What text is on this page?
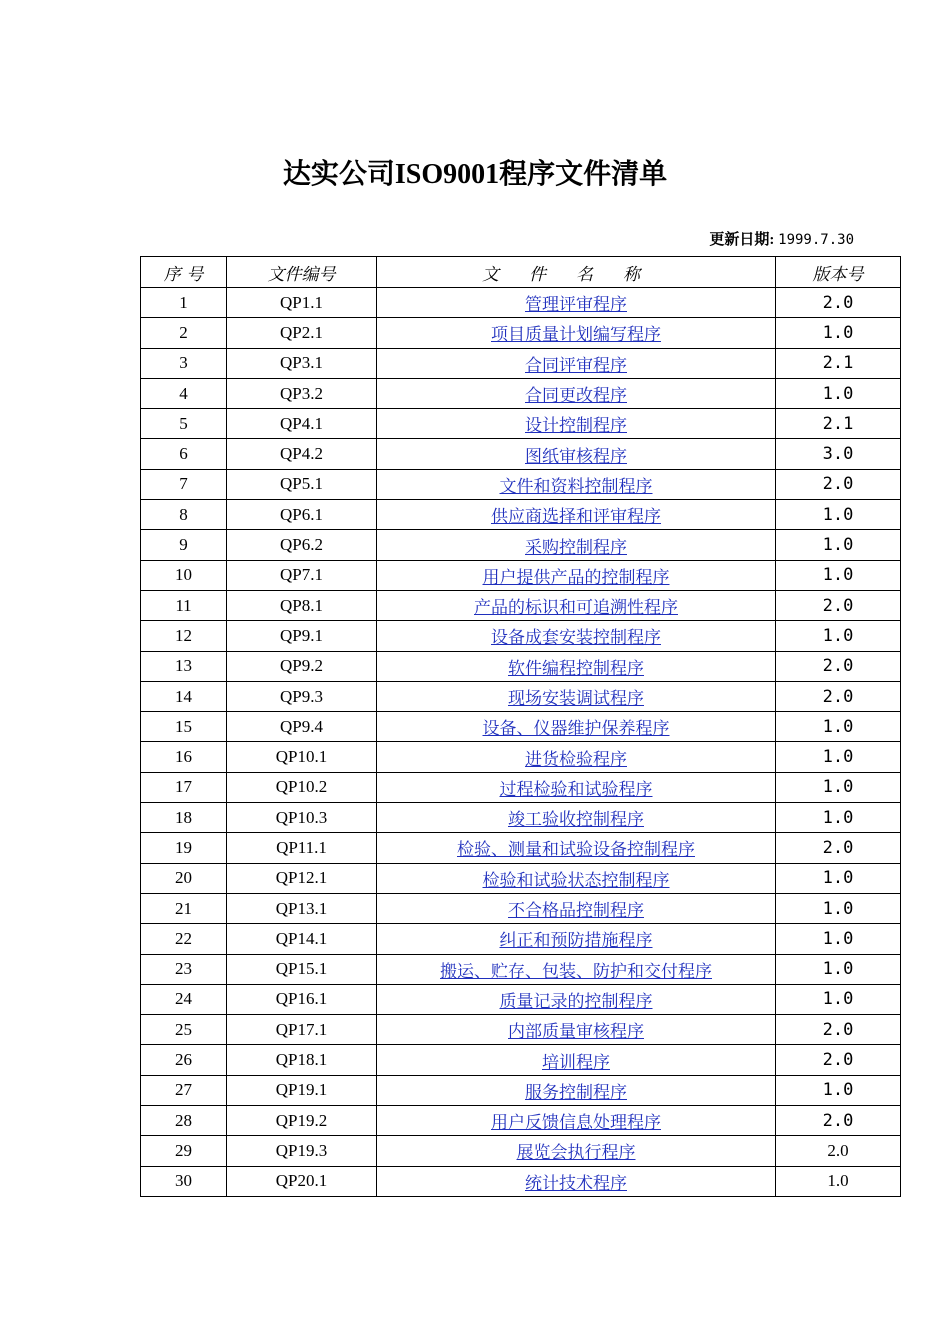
达实公司ISO9001程序文件清单
更新日期: 1999.7.30
序 号	文件编号	文件名称	版本号
1	QP1.1	管理评审程序	2.0
2	QP2.1	项目质量计划编写程序	1.0
3	QP3.1	合同评审程序	2.1
4	QP3.2	合同更改程序	1.0
5	QP4.1	设计控制程序	2.1
6	QP4.2	图纸审核程序	3.0
7	QP5.1	文件和资料控制程序	2.0
8	QP6.1	供应商选择和评审程序	1.0
9	QP6.2	采购控制程序	1.0
10	QP7.1	用户提供产品的控制程序	1.0
11	QP8.1	产品的标识和可追溯性程序	2.0
12	QP9.1	设备成套安装控制程序	1.0
13	QP9.2	软件编程控制程序	2.0
14	QP9.3	现场安装调试程序	2.0
15	QP9.4	设备、仪器维护保养程序	1.0
16	QP10.1	进货检验程序	1.0
17	QP10.2	过程检验和试验程序	1.0
18	QP10.3	竣工验收控制程序	1.0
19	QP11.1	检验、测量和试验设备控制程序	2.0
20	QP12.1	检验和试验状态控制程序	1.0
21	QP13.1	不合格品控制程序	1.0
22	QP14.1	纠正和预防措施程序	1.0
23	QP15.1	搬运、贮存、包装、防护和交付程序	1.0
24	QP16.1	质量记录的控制程序	1.0
25	QP17.1	内部质量审核程序	2.0
26	QP18.1	培训程序	2.0
27	QP19.1	服务控制程序	1.0
28	QP19.2	用户反馈信息处理程序	2.0
29	QP19.3	展览会执行程序	2.0
30	QP20.1	统计技术程序	1.0
